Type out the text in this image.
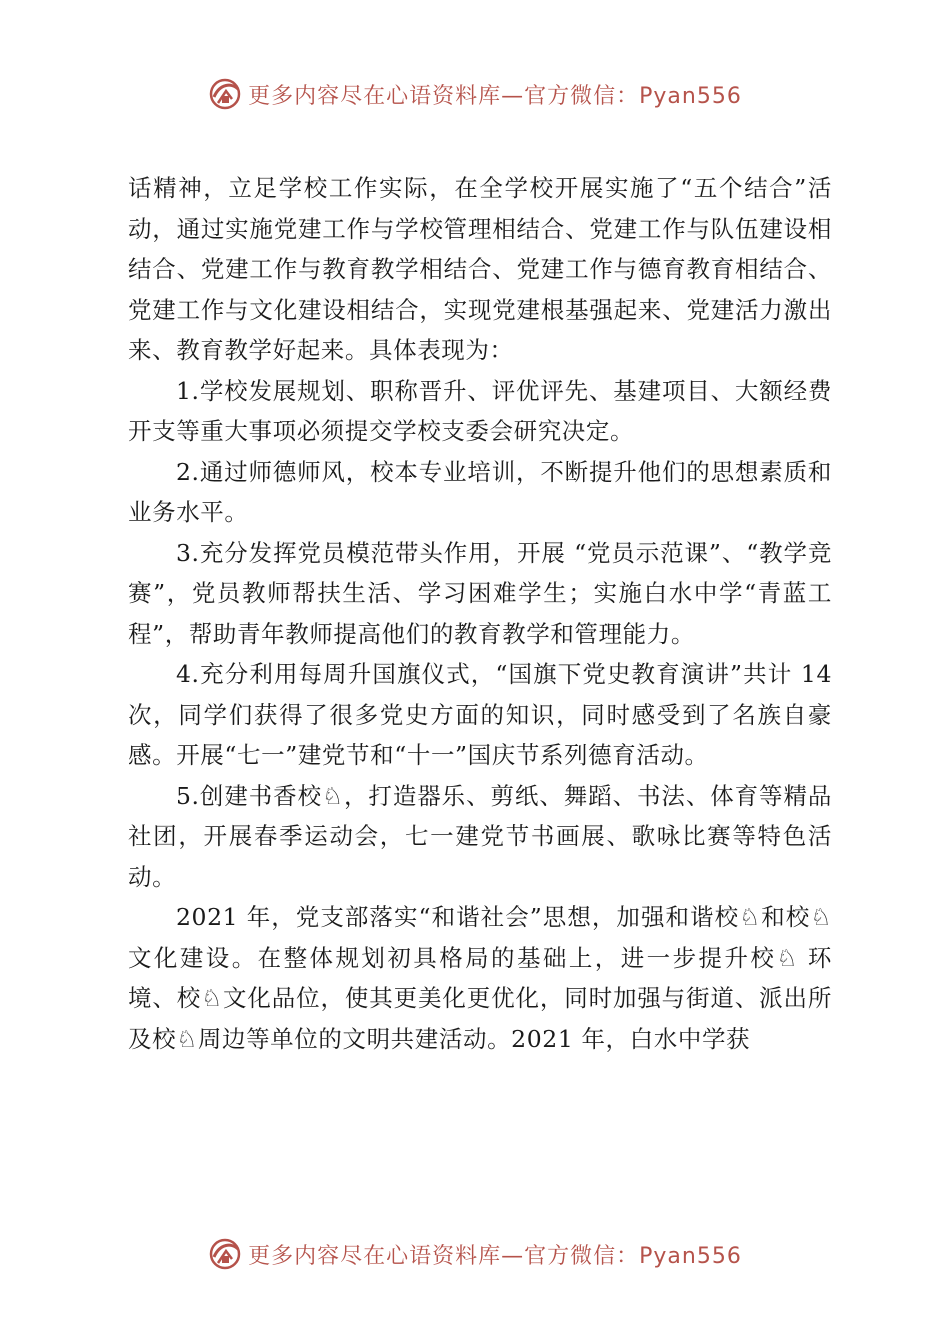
更多内容尽在心语资料库—官方微信：Pyan556

话精神，立足学校工作实际，在全学校开展实施了“五个结合”活动，通过实施党建工作与学校管理相结合、党建工作与队伍建设相结合、党建工作与教育教学相结合、党建工作与德育教育相结合、党建工作与文化建设相结合，实现党建根基强起来、党建活力激出来、教育教学好起来。具体表现为：

1.学校发展规划、职称晋升、评优评先、基建项目、大额经费开支等重大事项必须提交学校支委会研究决定。

2.通过师德师风，校本专业培训，不断提升他们的思想素质和业务水平。

3.充分发挥党员模范带头作用，开展 “党员示范课”、“教学竞赛”，党员教师帮扶生活、学习困难学生；实施白水中学“青蓝工程”，帮助青年教师提高他们的教育教学和管理能力。

4.充分利用每周升国旗仪式，“国旗下党史教育演讲”共计 14 次，同学们获得了很多党史方面的知识，同时感受到了名族自豪感。开展“七一”建党节和“十一”国庆节系列德育活动。

5.创建书香校♘，打造器乐、剪纸、舞蹈、书法、体育等精品社团，开展春季运动会，七一建党节书画展、歌咏比赛等特色活动。

2021 年，党支部落实“和谐社会”思想，加强和谐校♘和校♘文化建设。在整体规划初具格局的基础上，进一步提升校♘ 环境、校♘文化品位，使其更美化更优化，同时加强与街道、派出所及校♘周边等单位的文明共建活动。2021 年，白水中学获

更多内容尽在心语资料库—官方微信：Pyan556
